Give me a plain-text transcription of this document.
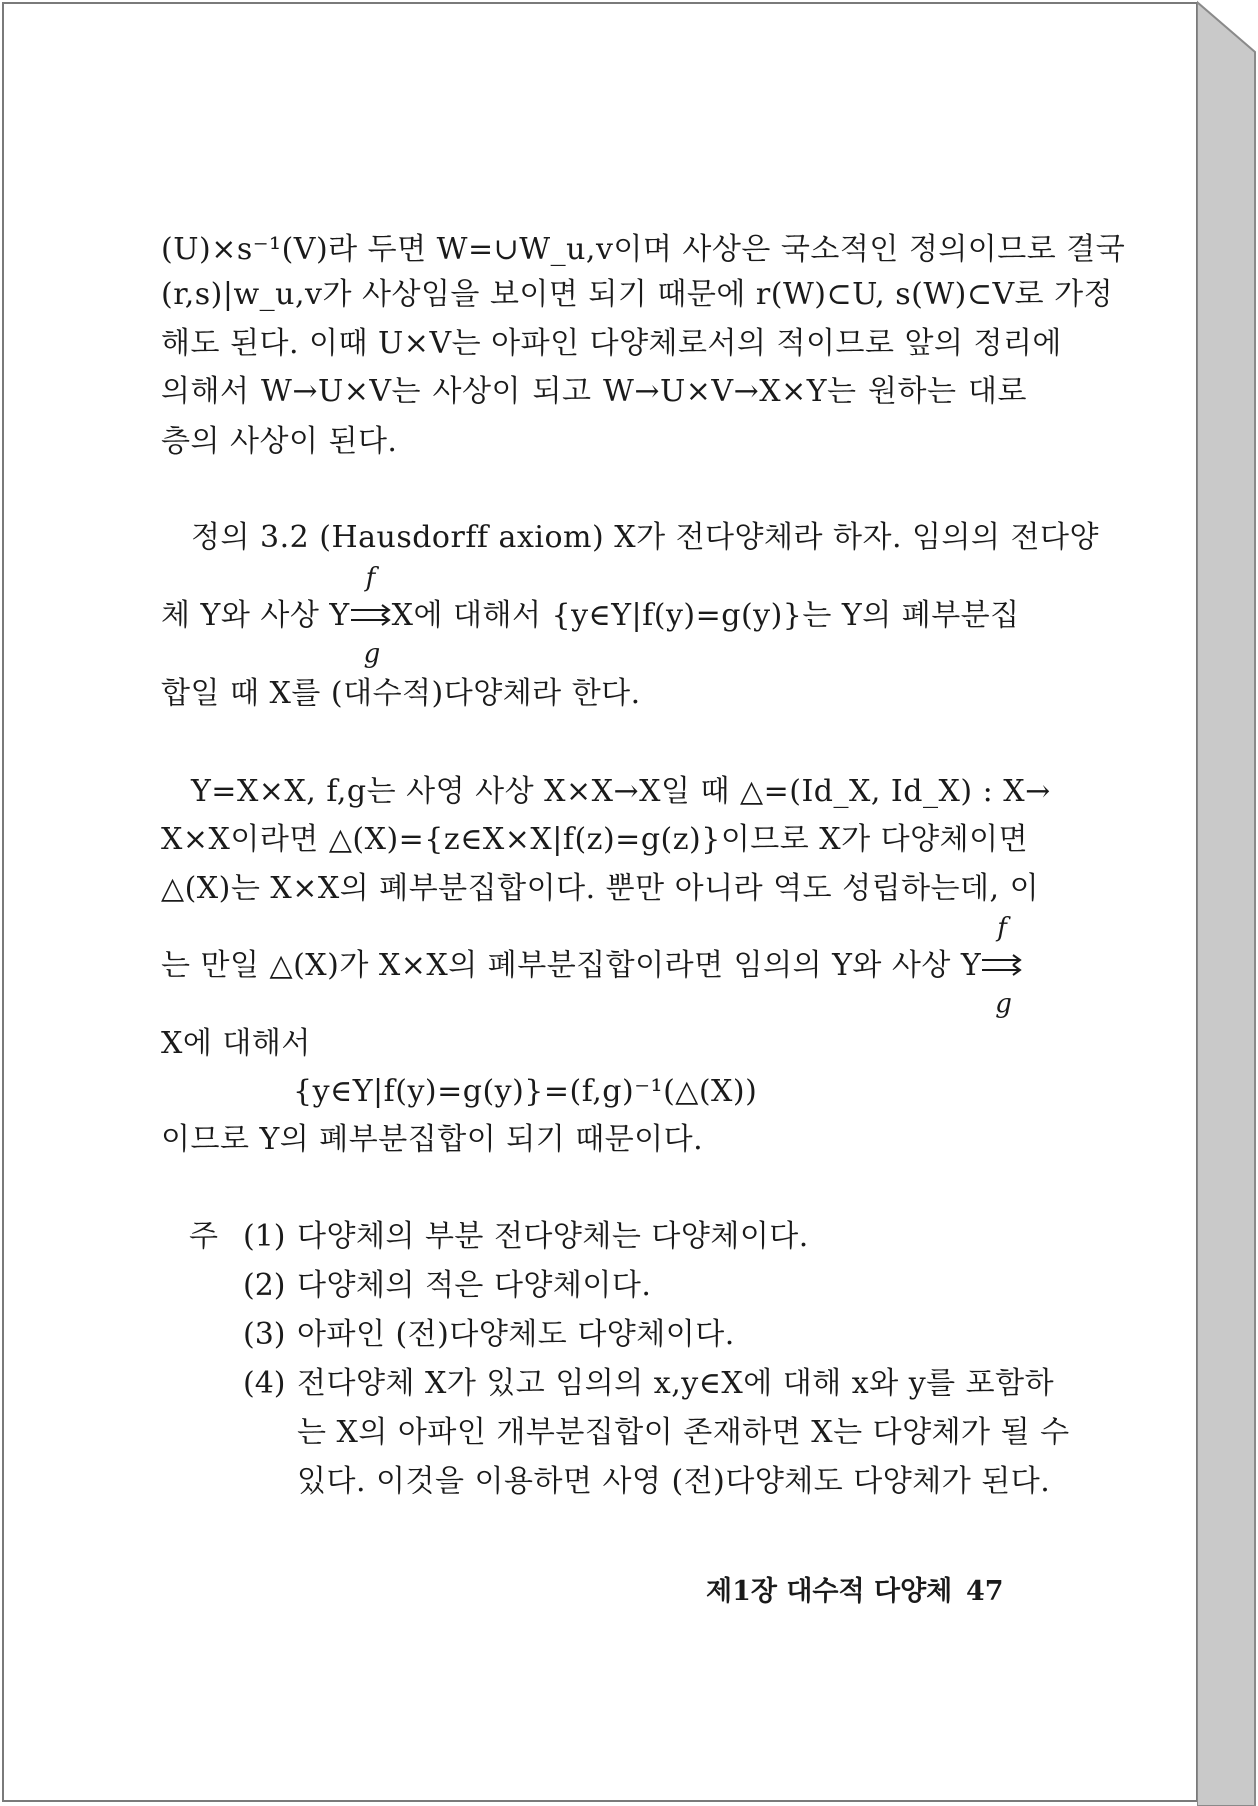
(U)×s⁻¹(V)라 두면 W=∪W_u,v이며 사상은 국소적인 정의이므로 결국
(r,s)|w_u,v가 사상임을 보이면 되기 때문에 r(W)⊂U, s(W)⊂V로 가정
해도 된다. 이때 U×V는 아파인 다양체로서의 적이므로 앞의 정리에
의해서 W→U×V는 사상이 되고 W→U×V→X×Y는 원하는 대로
층의 사상이 된다.
정의 3.2 (Hausdorff axiom) X가 전다양체라 하자. 임의의 전다양
체 Y와 사상 Y
f
g
X에 대해서 {y∈Y|f(y)=g(y)}는 Y의 폐부분집
합일 때 X를 (대수적)다양체라 한다.
Y=X×X, f,g는 사영 사상 X×X→X일 때 △=(Id_X, Id_X) : X→
X×X이라면 △(X)={z∈X×X|f(z)=g(z)}이므로 X가 다양체이면
△(X)는 X×X의 폐부분집합이다. 뿐만 아니라 역도 성립하는데, 이
는 만일 △(X)가 X×X의 폐부분집합이라면 임의의 Y와 사상 Y
f
g
X에 대해서
{y∈Y|f(y)=g(y)}=(f,g)⁻¹(△(X))
이므로 Y의 폐부분집합이 되기 때문이다.
주 (1) 다양체의 부분 전다양체는 다양체이다.
(2) 다양체의 적은 다양체이다.
(3) 아파인 (전)다양체도 다양체이다.
(4) 전다양체 X가 있고 임의의 x,y∈X에 대해 x와 y를 포함하
는 X의 아파인 개부분집합이 존재하면 X는 다양체가 될 수
있다. 이것을 이용하면 사영 (전)다양체도 다양체가 된다.
제1장 대수적 다양체 47
